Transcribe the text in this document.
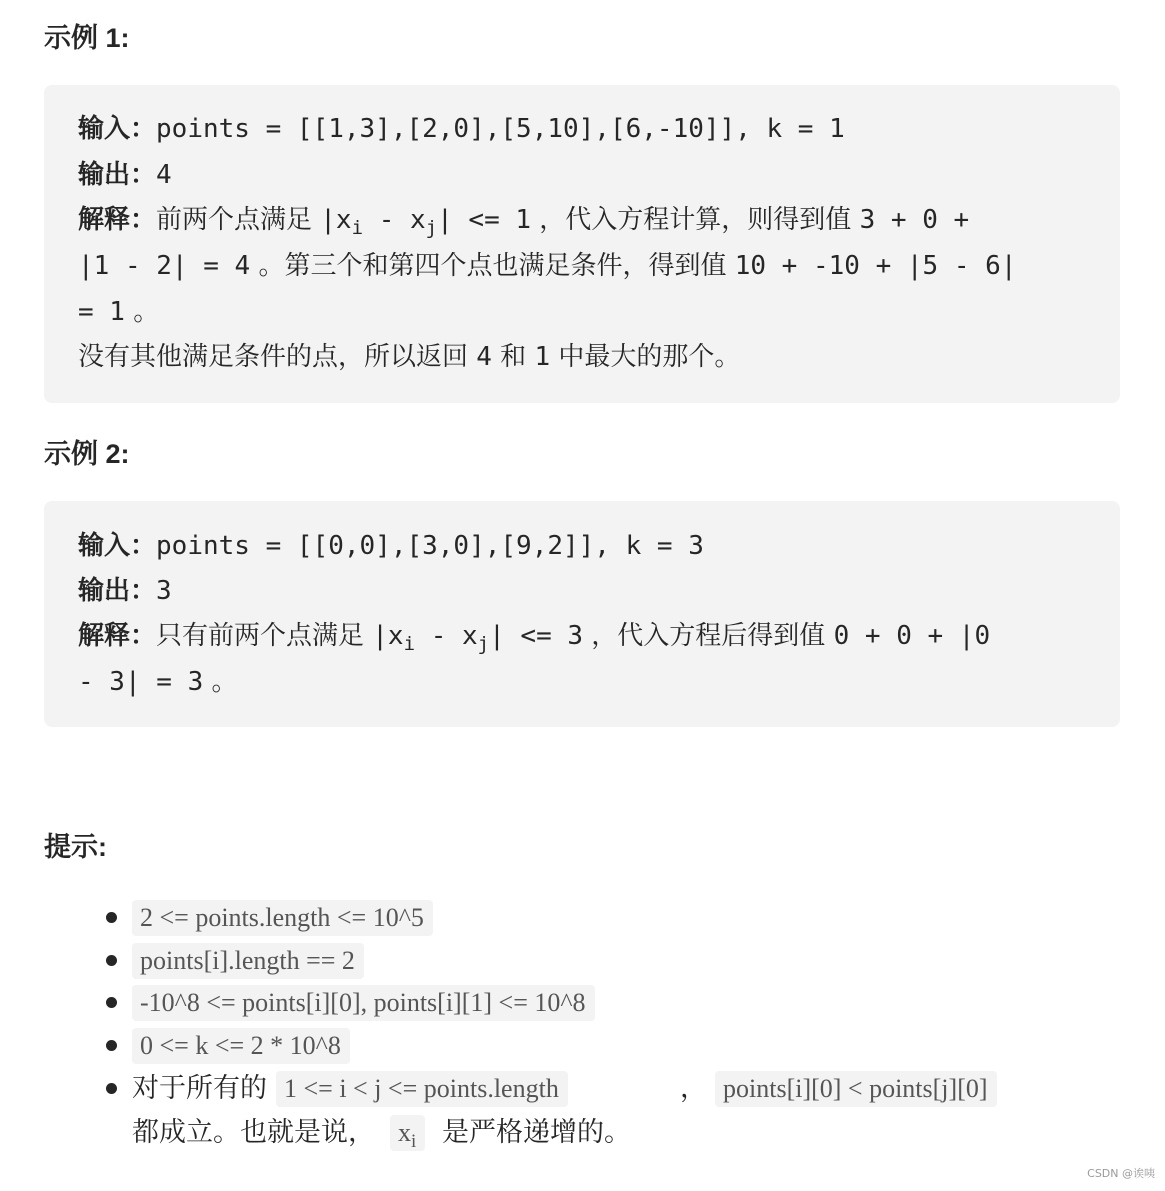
示例 1:
输入：points = [[1,3],[2,0],[5,10],[6,-10]], k = 1
输出：4
解释：前两个点满足 $|x_i - x_j| <= 1$ ，代入方程计算，则得到值 3 + 0 +
|1 - 2| = 4 。第三个和第四个点也满足条件，得到值 10 + -10 + |5 - 6|
= 1 。
没有其他满足条件的点，所以返回 4 和 1 中最大的那个。
示例 2:
输入：points = [[0,0],[3,0],[9,2]], k = 3
输出：3
解释：只有前两个点满足 $|x_i - x_j| <= 3$ ，代入方程后得到值 0 + 0 + |0
- 3| = 3 。
提示:
2 <= points.length <= 10^5
points[i].length == 2
-10^8 <= points[i][0], points[i][1] <= 10^8
0 <= k <= 2 * 10^8
对于所有的 1 <= i < j <= points.length	， points[i][0] < points[j][0]
都成立。也就是说， $x_i$ 是严格递增的。
CSDN @诶咦
